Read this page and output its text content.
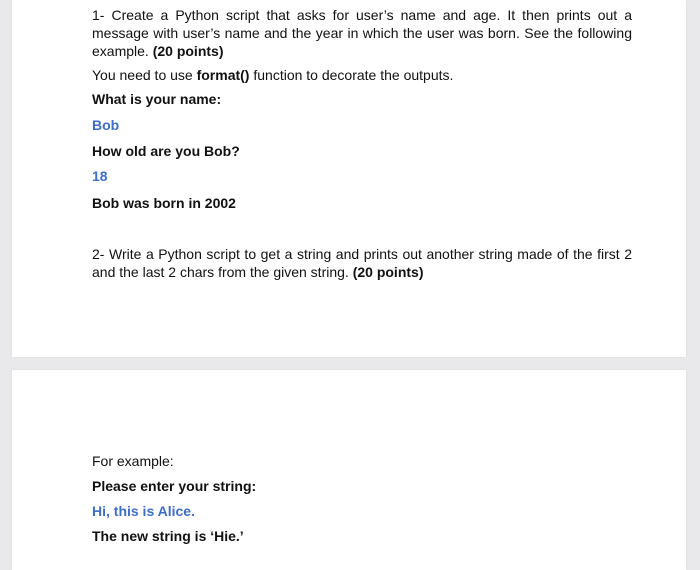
1- Create a Python script that asks for user’s name and age. It then prints out a message with user’s name and the year in which the user was born. See the following example. (20 points)
You need to use format() function to decorate the outputs.
What is your name:
Bob
How old are you Bob?
18
Bob was born in 2002
2- Write a Python script to get a string and prints out another string made of the first 2 and the last 2 chars from the given string. (20 points)
For example:
Please enter your string:
Hi, this is Alice.
The new string is ‘Hie.’
